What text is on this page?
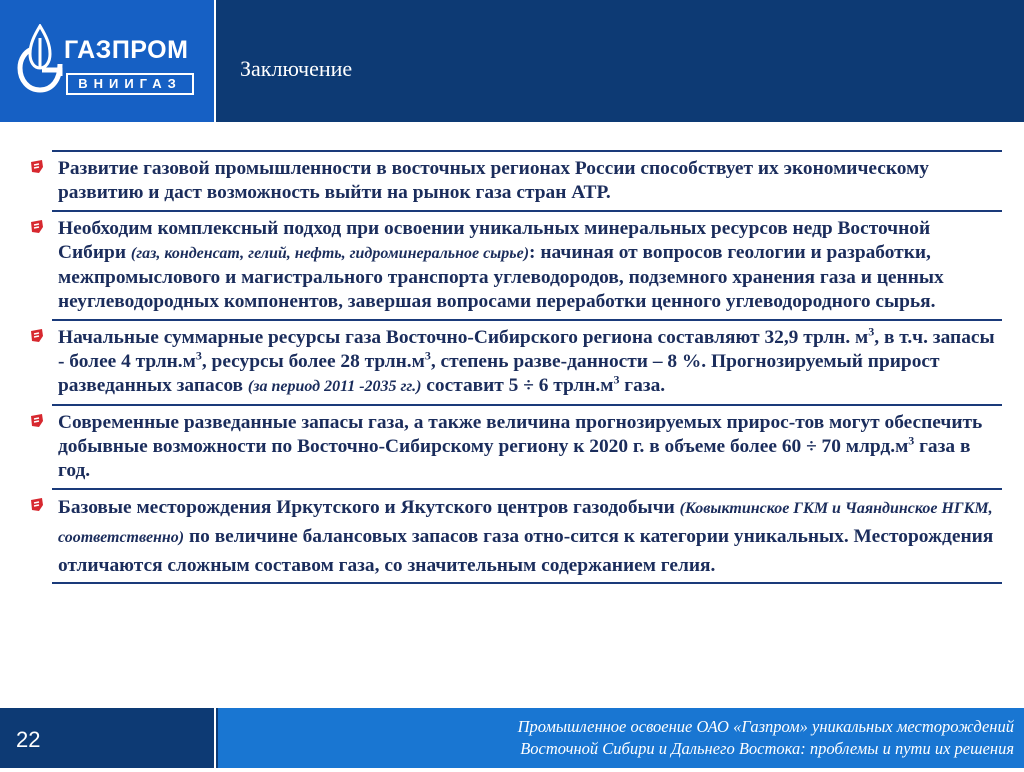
ГАЗПРОМ
ВНИИГАЗ
Заключение
Развитие газовой промышленности в восточных регионах России способствует их экономическому развитию и даст возможность выйти на рынок газа стран АТР.
Необходим комплексный подход при освоении уникальных минеральных ресурсов недр Восточной Сибири (газ, конденсат, гелий, нефть, гидроминеральное сырье): начиная от вопросов геологии и разработки, межпромыслового и магистрального транспорта углеводородов, подземного хранения газа и ценных неуглеводородных компонентов, завершая вопросами переработки ценного углеводородного сырья.
Начальные суммарные ресурсы газа Восточно-Сибирского региона составляют 32,9 трлн. $м^3$, в т.ч. запасы - более 4 $трлн.м^3$, ресурсы более 28 $трлн.м^3$, степень разве-данности – 8 %. Прогнозируемый прирост разведанных запасов (за период 2011 -2035 гг.) составит 5 ÷ 6 $трлн.м^3$ газа.
Современные разведанные запасы газа, а также величина прогнозируемых прирос-тов могут обеспечить добывные возможности по Восточно-Сибирскому региону к 2020 г. в объеме более 60 ÷ 70 $млрд.м^3$ газа в год.
Базовые месторождения Иркутского и Якутского центров газодобычи (Ковыктинское ГКМ и Чаяндинское НГКМ, соответственно) по величине балансовых запасов газа отно-сится к категории уникальных. Месторождения отличаются сложным составом газа, со значительным содержанием гелия.
22
Промышленное освоение ОАО «Газпром» уникальных месторождений
Восточной Сибири и Дальнего Востока: проблемы и пути их решения
